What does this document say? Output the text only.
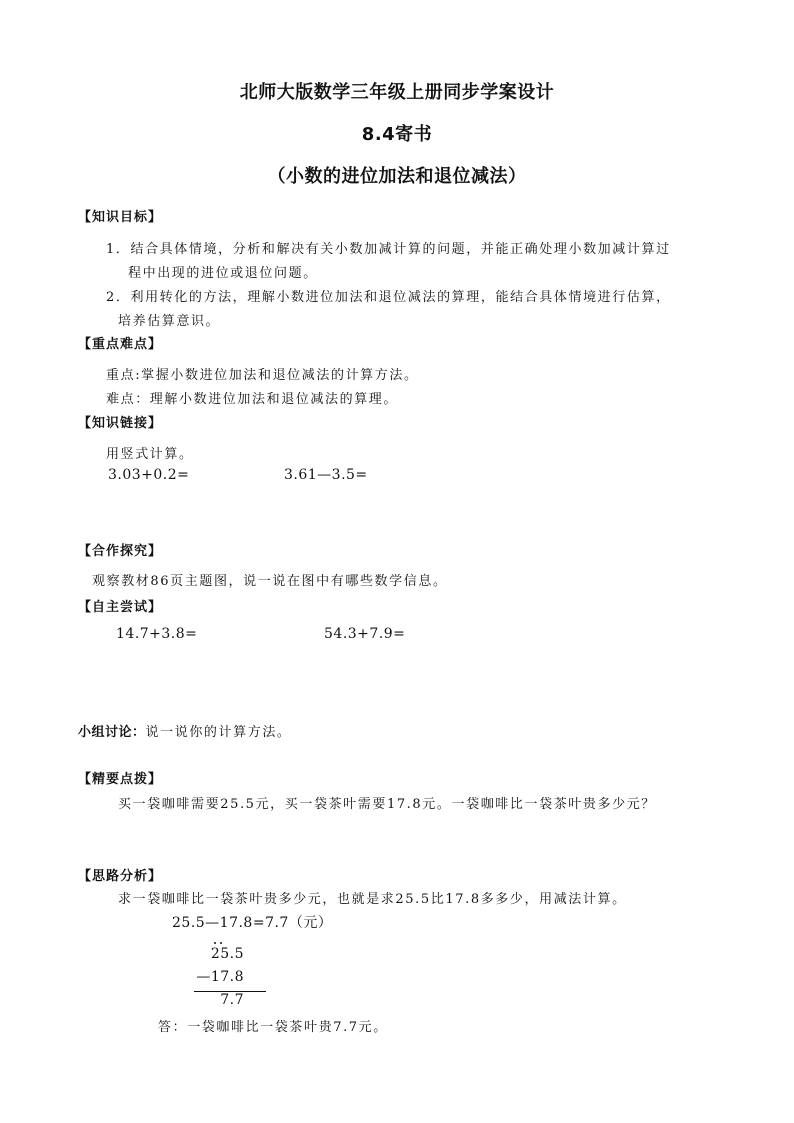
北师大版数学三年级上册同步学案设计
8.4寄书
（小数的进位加法和退位减法）
【知识目标】
1．结合具体情境，分析和解决有关小数加减计算的问题，并能正确处理小数加减计算过
程中出现的进位或退位问题。
2．利用转化的方法，理解小数进位加法和退位减法的算理，能结合具体情境进行估算，
培养估算意识。
【重点难点】
重点:掌握小数进位加法和退位减法的计算方法。
难点：理解小数进位加法和退位减法的算理。
【知识链接】
用竖式计算。
3.03+0.2=	3.61—3.5=
【合作探究】
观察教材86页主题图，说一说在图中有哪些数学信息。
【自主尝试】
14.7+3.8=	54.3+7.9=
小组讨论：说一说你的计算方法。
【精要点拨】
买一袋咖啡需要25.5元，买一袋茶叶需要17.8元。一袋咖啡比一袋茶叶贵多少元？
【思路分析】
求一袋咖啡比一袋茶叶贵多少元，也就是求25.5比17.8多多少，用减法计算。
25.5—17.8=7.7（元）
25.5
—17.8
7.7
答：一袋咖啡比一袋茶叶贵7.7元。
